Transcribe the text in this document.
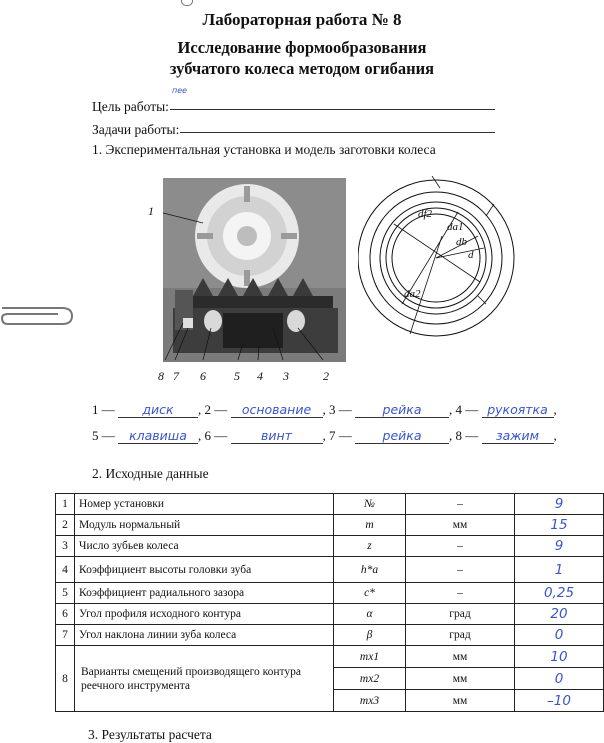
Лабораторная работа № 8
Исследование формообразования
зубчатого колеса методом огибания
Цель работы:
пее
Задачи работы:
1. Экспериментальная установка и модель заготовки колеса
1
8 7 6 5 4 3	2
df2
da1
db
d
da2
1 — диск , 2 — основание , 3 — рейка , 4 — рукоятка ,
5 — клавиша , 6 — винт , 7 — рейка , 8 — зажим ,
2. Исходные данные
1	Номер установки	№	–	9
2	Модуль нормальный	m	мм	15
3	Число зубьев колеса	z	–	9
4	Коэффициент высоты головки зуба	h*a	–	1
5	Коэффициент радиального зазора	c*	–	0,25
6	Угол профиля исходного контура	α	град	20
7	Угол наклона линии зуба колеса	β	град	0
8	Варианты смещений производящего контура реечного инструмента	mx1	мм	10
		mx2	мм	0
		mx3	мм	–10
3. Результаты расчета
